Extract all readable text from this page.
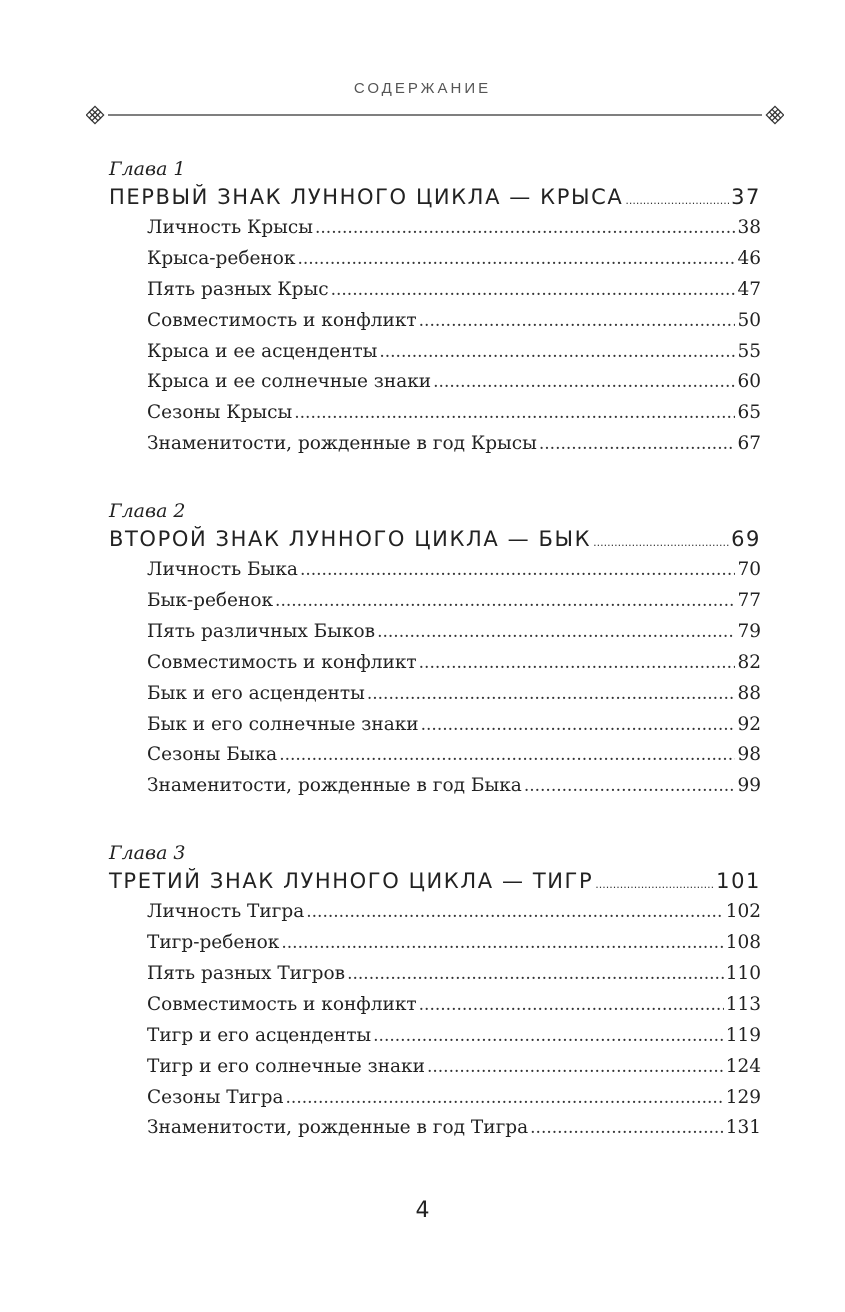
СОДЕРЖАНИЕ
Глава 1
ПЕРВЫЙ ЗНАК ЛУННОГО ЦИКЛА — КРЫСА .....	37
Личность Крысы .....	38
Крыса-ребенок .....	46
Пять разных Крыс .....	47
Совместимость и конфликт .....	50
Крыса и ее асценденты .....	55
Крыса и ее солнечные знаки .....	60
Сезоны Крысы .....	65
Знаменитости, рожденные в год Крысы .....	67
Глава 2
ВТОРОЙ ЗНАК ЛУННОГО ЦИКЛА — БЫК .....	69
Личность Быка .....	70
Бык-ребенок .....	77
Пять различных Быков .....	79
Совместимость и конфликт .....	82
Бык и его асценденты .....	88
Бык и его солнечные знаки .....	92
Сезоны Быка .....	98
Знаменитости, рожденные в год Быка .....	99
Глава 3
ТРЕТИЙ ЗНАК ЛУННОГО ЦИКЛА — ТИГР .....	101
Личность Тигра .....	102
Тигр-ребенок .....	108
Пять разных Тигров .....	110
Совместимость и конфликт .....	113
Тигр и его асценденты .....	119
Тигр и его солнечные знаки .....	124
Сезоны Тигра .....	129
Знаменитости, рожденные в год Тигра .....	131
4
